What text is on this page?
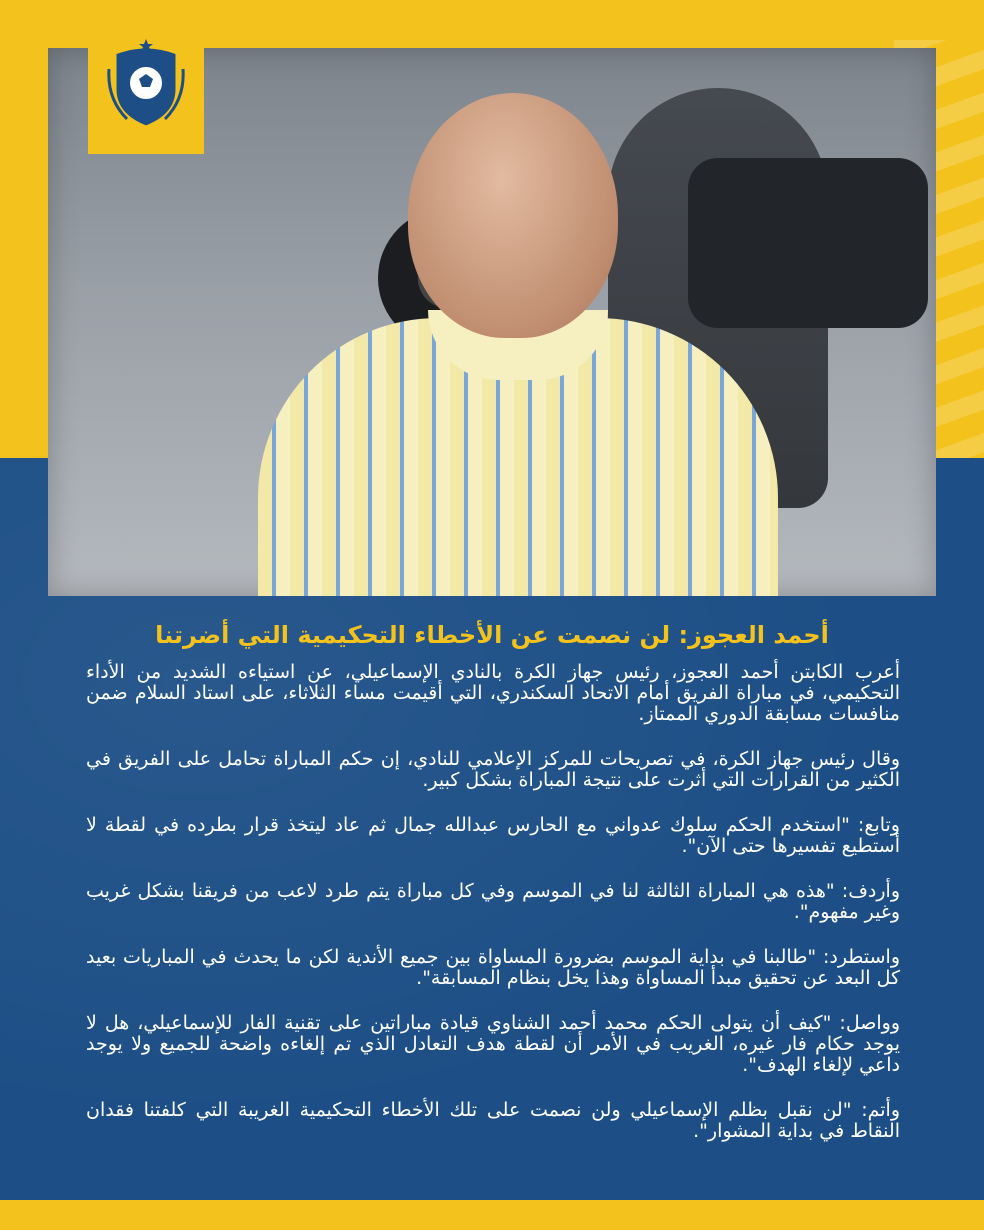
أحمد العجوز: لن نصمت عن الأخطاء التحكيمية التي أضرتنا

أعرب الكابتن أحمد العجوز، رئيس جهاز الكرة بالنادي الإسماعيلي، عن استياءه الشديد من الأداء التحكيمي، في مباراة الفريق أمام الاتحاد السكندري، التي أقيمت مساء الثلاثاء، على استاد السلام ضمن منافسات مسابقة الدوري الممتاز.

وقال رئيس جهاز الكرة، في تصريحات للمركز الإعلامي للنادي، إن حكم المباراة تحامل على الفريق في الكثير من القرارات التي أثرت على نتيجة المباراة بشكل كبير.

وتابع: "استخدم الحكم سلوك عدواني مع الحارس عبدالله جمال ثم عاد ليتخذ قرار بطرده في لقطة لا أستطيع تفسيرها حتى الآن".

وأردف: "هذه هي المباراة الثالثة لنا في الموسم وفي كل مباراة يتم طرد لاعب من فريقنا بشكل غريب وغير مفهوم".

واستطرد: "طالبنا في بداية الموسم بضرورة المساواة بين جميع الأندية لكن ما يحدث في المباريات بعيد كل البعد عن تحقيق مبدأ المساواة وهذا يخل بنظام المسابقة".

وواصل: "كيف أن يتولى الحكم محمد أحمد الشناوي قيادة مباراتين على تقنية الفار للإسماعيلي، هل لا يوجد حكام فار غيره، الغريب في الأمر أن لقطة هدف التعادل الذي تم إلغاءه واضحة للجميع ولا يوجد داعي لإلغاء الهدف".

وأتم: "لن نقبل بظلم الإسماعيلي ولن نصمت على تلك الأخطاء التحكيمية الغريبة التي كلفتنا فقدان النقاط في بداية المشوار".
